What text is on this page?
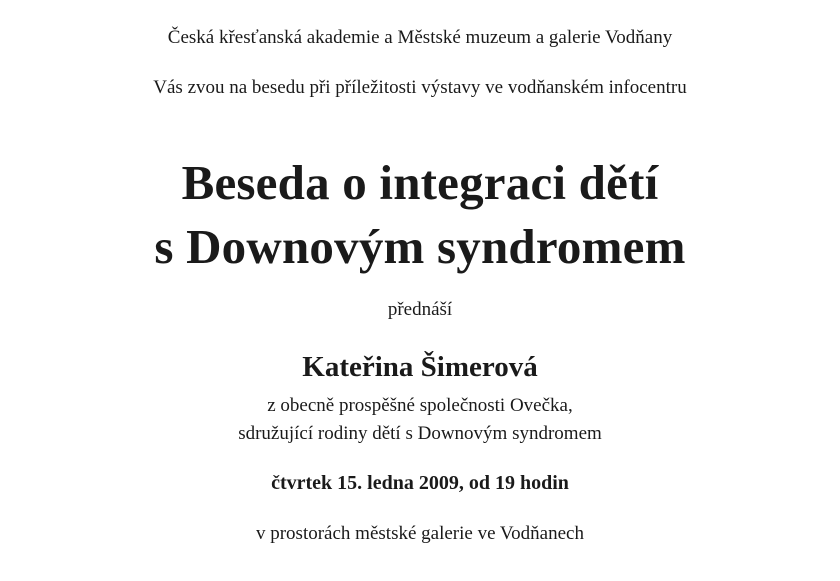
Česká křesťanská akademie a Městské muzeum a galerie Vodňany
Vás zvou na besedu při příležitosti výstavy ve vodňanském infocentru
Beseda o integraci dětí
s Downovým syndromem
přednáší
Kateřina Šimerová
z obecně prospěšné společnosti Ovečka,
sdružující rodiny dětí s Downovým syndromem
čtvrtek 15. ledna 2009, od 19 hodin
v prostorách městské galerie ve Vodňanech
